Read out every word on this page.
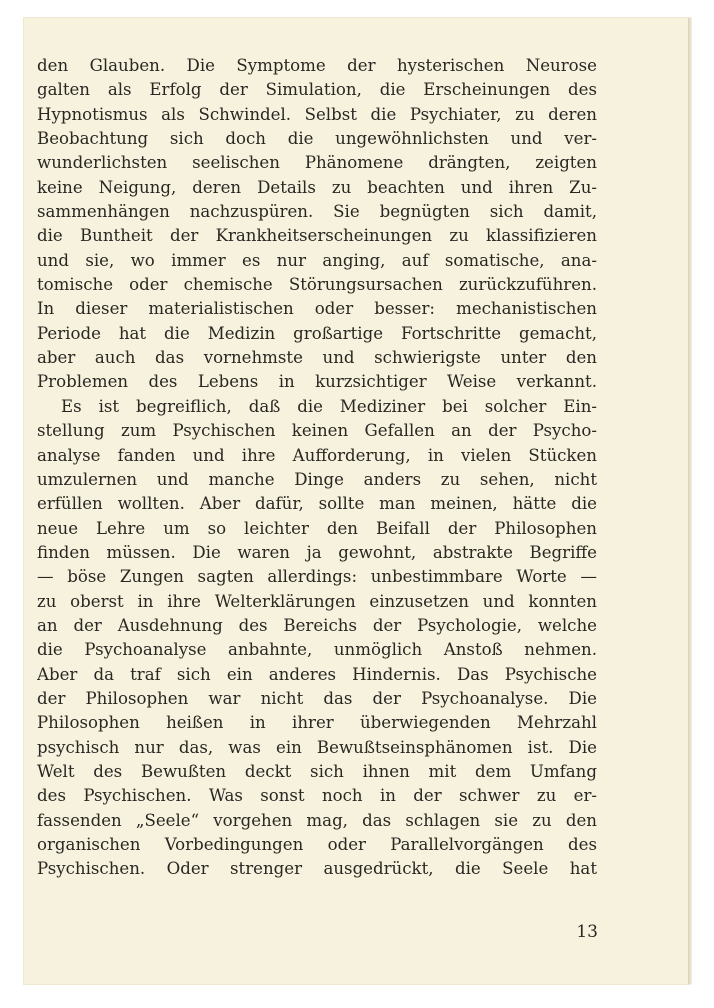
den Glauben. Die Symptome der hysterischen Neurose
galten als Erfolg der Simulation, die Erscheinungen des
Hypnotismus als Schwindel. Selbst die Psychiater, zu deren
Beobachtung sich doch die ungewöhnlichsten und ver-
wunderlichsten seelischen Phänomene drängten, zeigten
keine Neigung, deren Details zu beachten und ihren Zu-
sammenhängen nachzuspüren. Sie begnügten sich damit,
die Buntheit der Krankheitserscheinungen zu klassifizieren
und sie, wo immer es nur anging, auf somatische, ana-
tomische oder chemische Störungsursachen zurückzuführen.
In dieser materialistischen oder besser: mechanistischen
Periode hat die Medizin großartige Fortschritte gemacht,
aber auch das vornehmste und schwierigste unter den
Problemen des Lebens in kurzsichtiger Weise verkannt.
Es ist begreiflich, daß die Mediziner bei solcher Ein-
stellung zum Psychischen keinen Gefallen an der Psycho-
analyse fanden und ihre Aufforderung, in vielen Stücken
umzulernen und manche Dinge anders zu sehen, nicht
erfüllen wollten. Aber dafür, sollte man meinen, hätte die
neue Lehre um so leichter den Beifall der Philosophen
finden müssen. Die waren ja gewohnt, abstrakte Begriffe
— böse Zungen sagten allerdings: unbestimmbare Worte —
zu oberst in ihre Welterklärungen einzusetzen und konnten
an der Ausdehnung des Bereichs der Psychologie, welche
die Psychoanalyse anbahnte, unmöglich Anstoß nehmen.
Aber da traf sich ein anderes Hindernis. Das Psychische
der Philosophen war nicht das der Psychoanalyse. Die
Philosophen heißen in ihrer überwiegenden Mehrzahl
psychisch nur das, was ein Bewußtseinsphänomen ist. Die
Welt des Bewußten deckt sich ihnen mit dem Umfang
des Psychischen. Was sonst noch in der schwer zu er-
fassenden „Seele“ vorgehen mag, das schlagen sie zu den
organischen Vorbedingungen oder Parallelvorgängen des
Psychischen. Oder strenger ausgedrückt, die Seele hat
13
